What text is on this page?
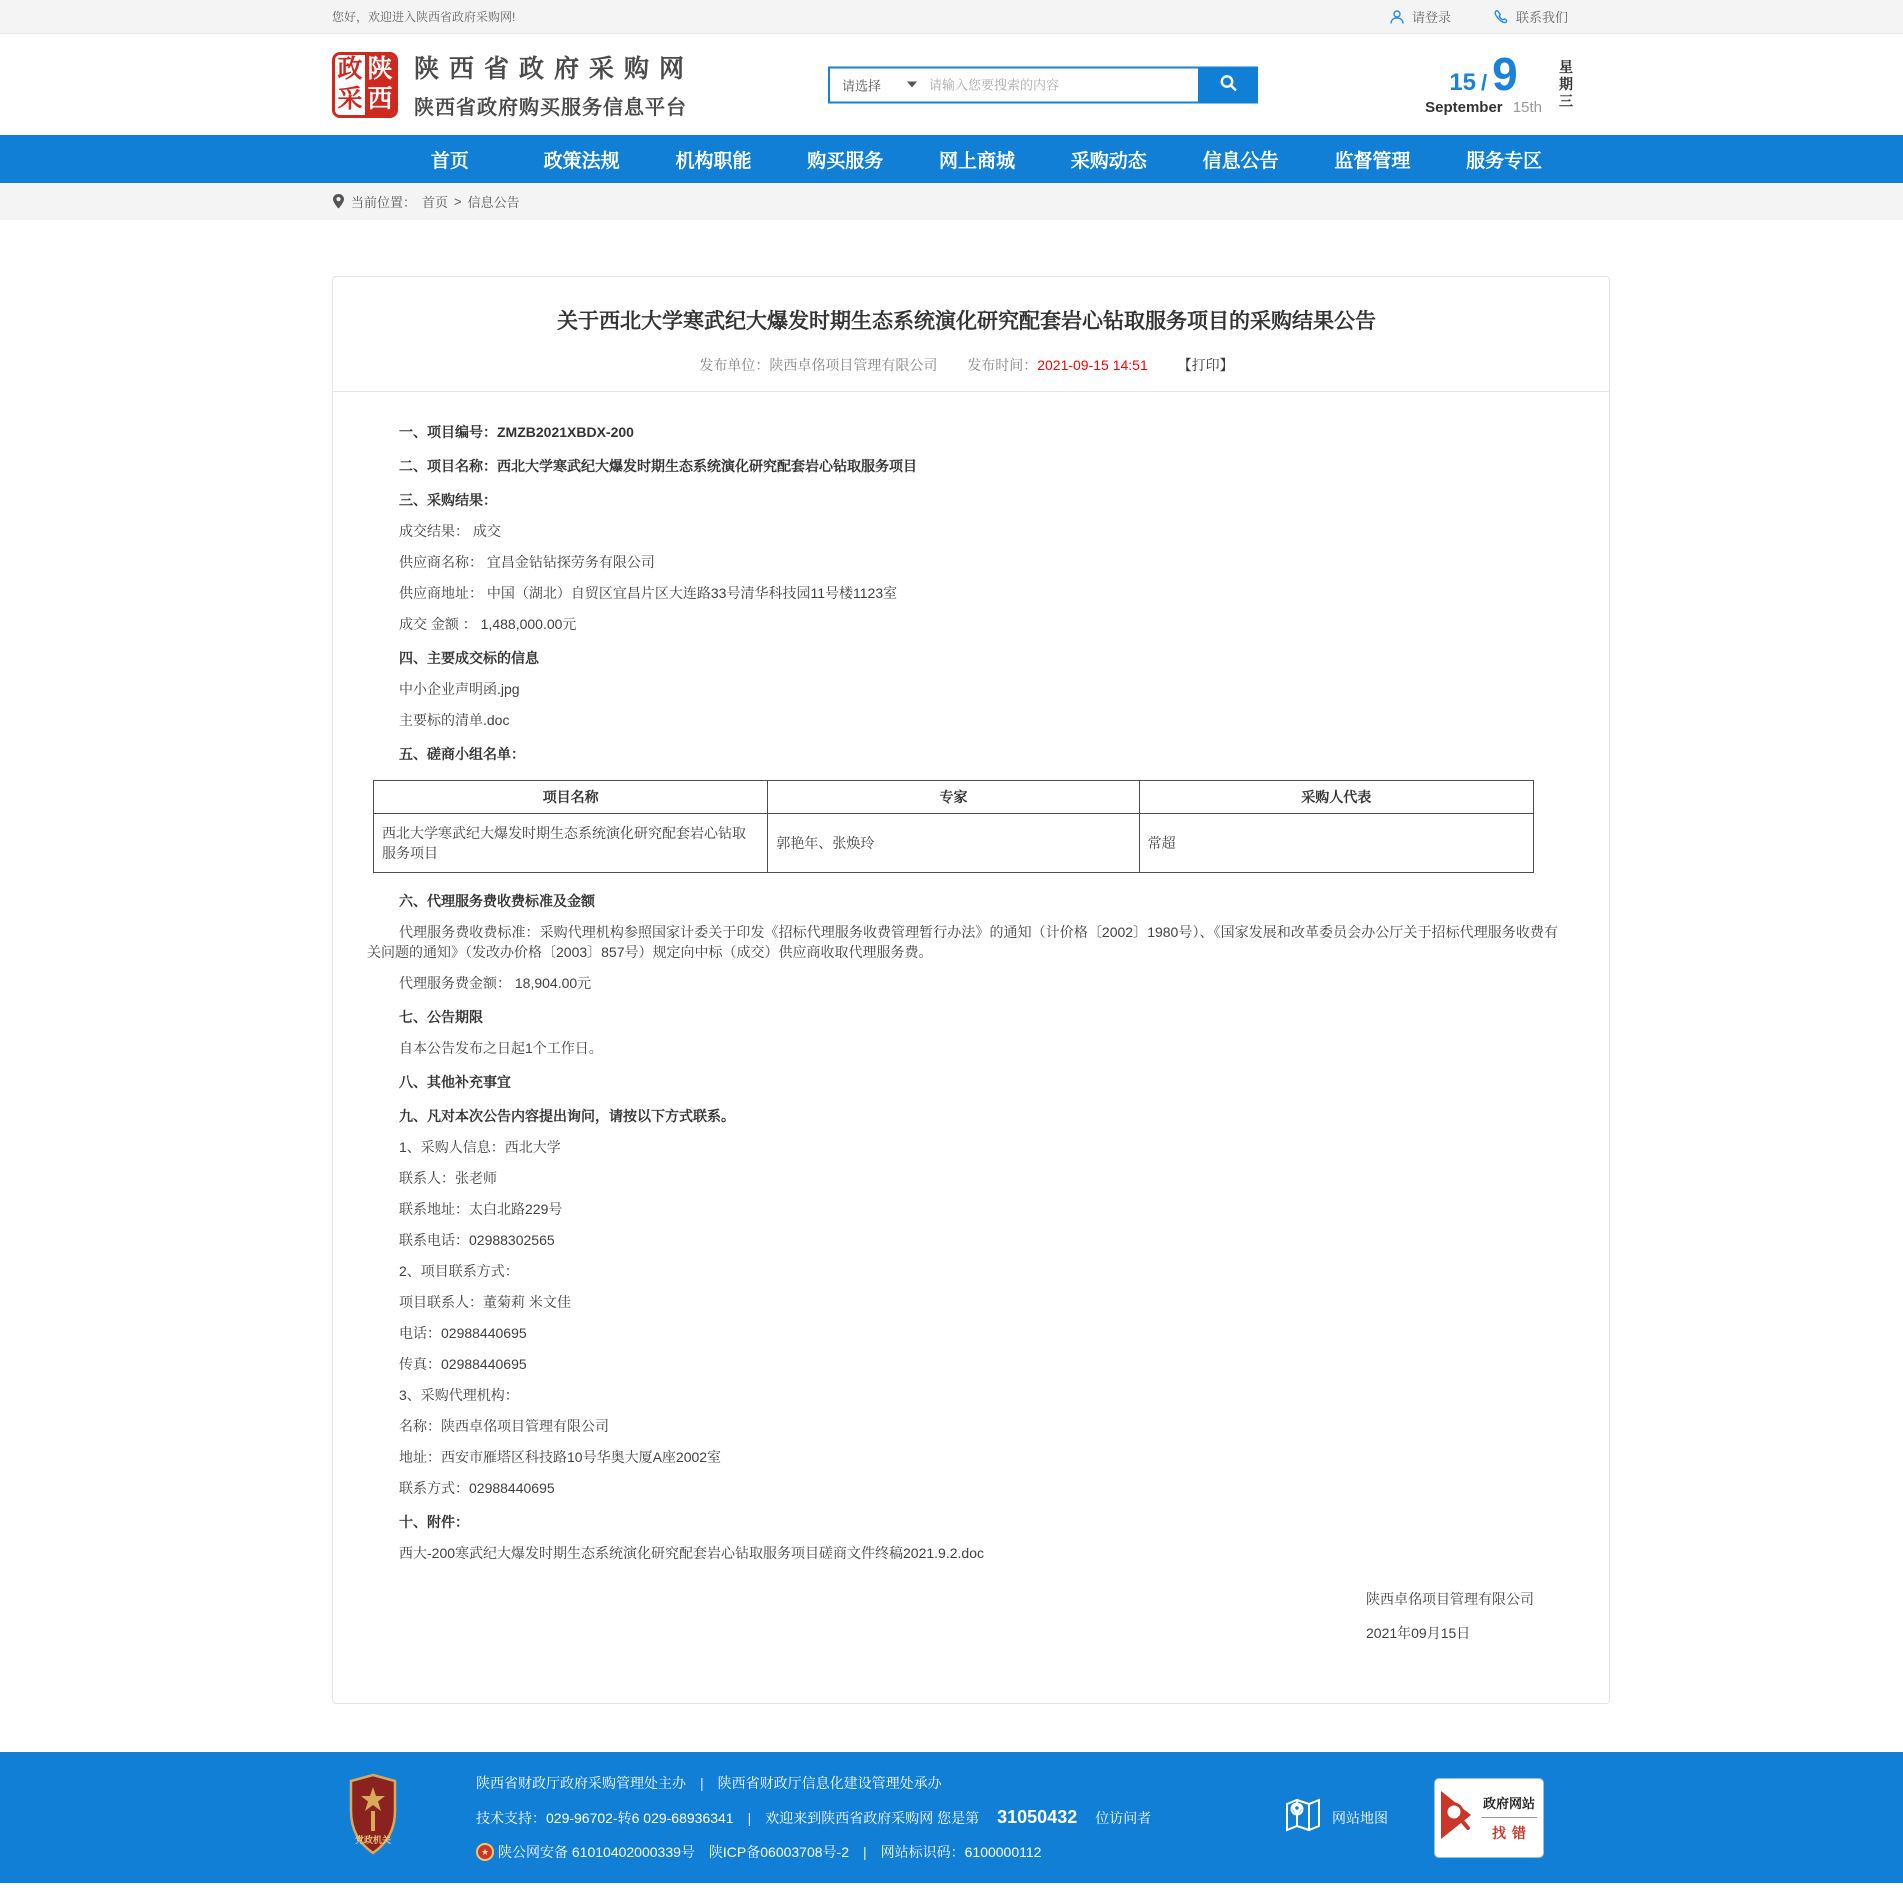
您好，欢迎进入陕西省政府采购网!	请登录	联系我们
政 陕
采 西
陕西省政府采购网
陕西省政府购买服务信息平台
请选择
请输入您要搜索的内容	15 / 9
September 15th
星期三
首页	政策法规	机构职能	购买服务	网上商城	采购动态	信息公告	监督管理	服务专区
当前位置： 首页 > 信息公告
关于西北大学寒武纪大爆发时期生态系统演化研究配套岩心钻取服务项目的采购结果公告
发布单位：陕西卓佲项目管理有限公司 发布时间：2021-09-15 14:51 【打印】

一、项目编号：ZMZB2021XBDX-200

二、项目名称：西北大学寒武纪大爆发时期生态系统演化研究配套岩心钻取服务项目

三、采购结果：

成交结果： 成交

供应商名称： 宜昌金钻钻探劳务有限公司

供应商地址： 中国（湖北）自贸区宜昌片区大连路33号清华科技园11号楼1123室

成交 金额 ： 1,488,000.00元

四、主要成交标的信息

中小企业声明函.jpg

主要标的清单.doc

五、磋商小组名单：

项目名称	专家	采购人代表
西北大学寒武纪大爆发时期生态系统演化研究配套岩心钻取服务项目	郭艳年、张焕玲	常超

六、代理服务费收费标准及金额

代理服务费收费标准：采购代理机构参照国家计委关于印发《招标代理服务收费管理暂行办法》的通知（计价格〔2002〕1980号）、《国家发展和改革委员会办公厅关于招标代理服务收费有关问题的通知》（发改办价格〔2003〕857号）规定向中标（成交）供应商收取代理服务费。

代理服务费金额： 18,904.00元

七、公告期限

自本公告发布之日起1个工作日。

八、其他补充事宜

九、凡对本次公告内容提出询问，请按以下方式联系。

1、采购人信息：西北大学

联系人：张老师

联系地址：太白北路229号

联系电话：02988302565

2、项目联系方式：

项目联系人：董菊莉 米文佳

电话：02988440695

传真：02988440695

3、采购代理机构：

名称：陕西卓佲项目管理有限公司

地址：西安市雁塔区科技路10号华奥大厦A座2002室

联系方式：02988440695

十、附件：

西大-200寒武纪大爆发时期生态系统演化研究配套岩心钻取服务项目磋商文件终稿2021.9.2.doc

陕西卓佲项目管理有限公司
2021年09月15日
党政机关
陕西省财政厅政府采购管理处主办 | 陕西省财政厅信息化建设管理处承办
技术支持：029-96702-转6 029-68936341 | 欢迎来到陕西省政府采购网 您是第 31050432 位访问者
★ 陕公网安备 61010402000339号 陕ICP备06003708号-2 | 网站标识码：6100000112
网站地图
政府网站
找错
